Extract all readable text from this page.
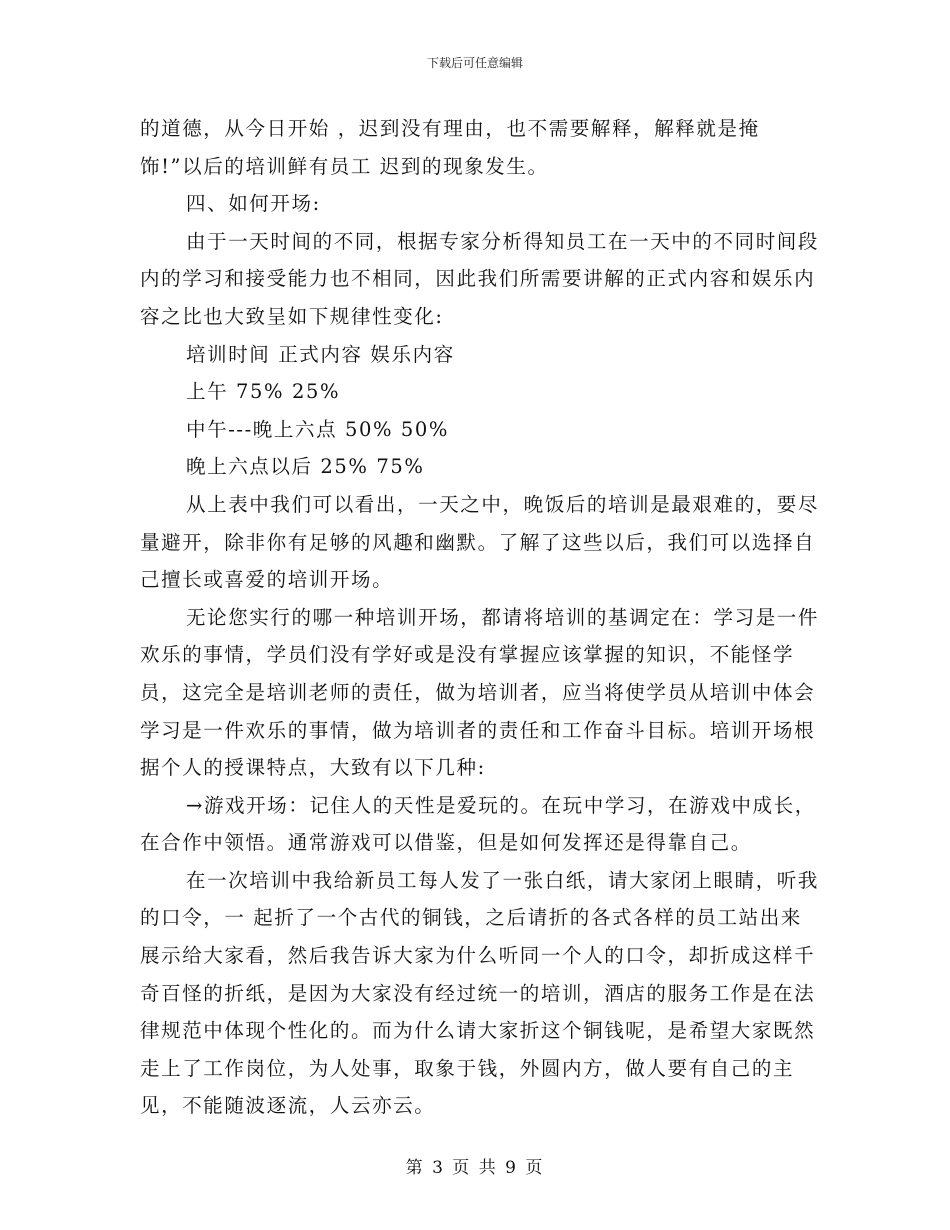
下载后可任意编辑

的道德，从今日开始 ，迟到没有理由，也不需要解释，解释就是掩饰!”以后的培训鲜有员工 迟到的现象发生。

四、如何开场:

由于一天时间的不同，根据专家分析得知员工在一天中的不同时间段内的学习和接受能力也不相同，因此我们所需要讲解的正式内容和娱乐内容之比也大致呈如下规律性变化:

培训时间 正式内容 娱乐内容

上午 75% 25%

中午---晚上六点 50% 50%

晚上六点以后 25% 75%

从上表中我们可以看出，一天之中，晚饭后的培训是最艰难的，要尽量避开，除非你有足够的风趣和幽默。了解了这些以后，我们可以选择自己擅长或喜爱的培训开场。

无论您实行的哪一种培训开场，都请将培训的基调定在：学习是一件欢乐的事情，学员们没有学好或是没有掌握应该掌握的知识，不能怪学员，这完全是培训老师的责任，做为培训者，应当将使学员从培训中体会学习是一件欢乐的事情，做为培训者的责任和工作奋斗目标。培训开场根据个人的授课特点，大致有以下几种:

→游戏开场：记住人的天性是爱玩的。在玩中学习，在游戏中成长，在合作中领悟。通常游戏可以借鉴，但是如何发挥还是得靠自己。

在一次培训中我给新员工每人发了一张白纸，请大家闭上眼睛，听我的口令，一 起折了一个古代的铜钱，之后请折的各式各样的员工站出来展示给大家看，然后我告诉大家为什么听同一个人的口令，却折成这样千奇百怪的折纸，是因为大家没有经过统一的培训，酒店的服务工作是在法律规范中体现个性化的。而为什么请大家折这个铜钱呢，是希望大家既然走上了工作岗位，为人处事，取象于钱，外圆内方，做人要有自己的主见，不能随波逐流，人云亦云。

第 3 页 共 9 页
